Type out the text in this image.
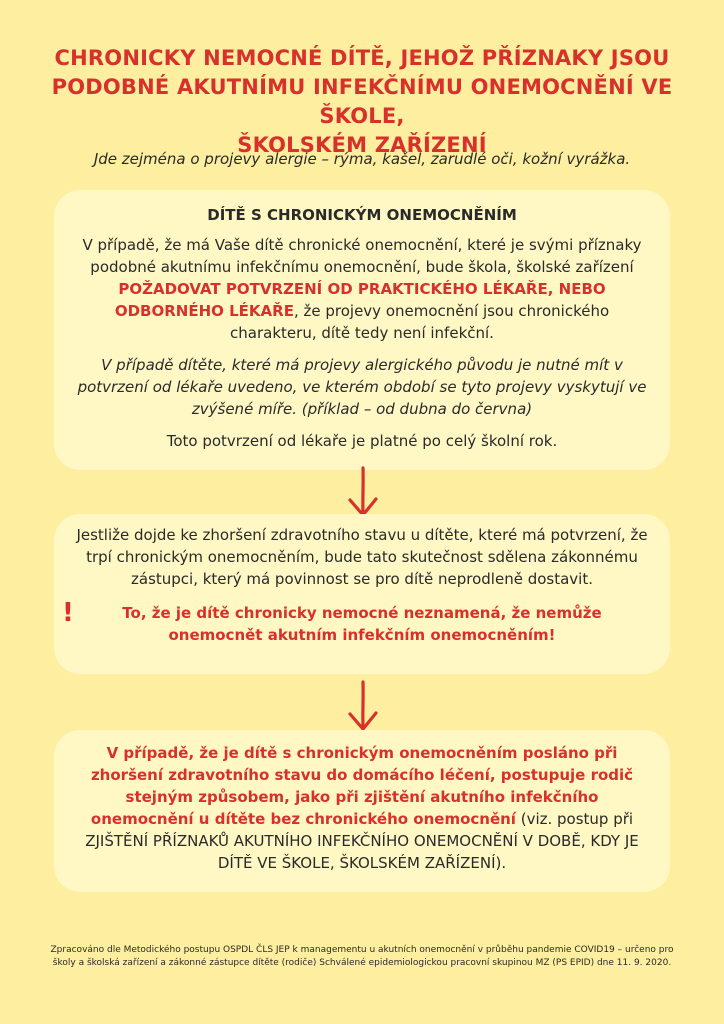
CHRONICKY NEMOCNÉ DÍTĚ, JEHOŽ PŘÍZNAKY JSOU
PODOBNÉ AKUTNÍMU INFEKČNÍMU ONEMOCNĚNÍ VE ŠKOLE,
ŠKOLSKÉM ZAŘÍZENÍ

Jde zejména o projevy alergie – rýma, kašel, zarudlé oči, kožní vyrážka.

DÍTĚ S CHRONICKÝM ONEMOCNĚNÍM

V případě, že má Vaše dítě chronické onemocnění, které je svými příznaky podobné akutnímu infekčnímu onemocnění, bude škola, školské zařízení POŽADOVAT POTVRZENÍ OD PRAKTICKÉHO LÉKAŘE, NEBO ODBORNÉHO LÉKAŘE, že projevy onemocnění jsou chronického charakteru, dítě tedy není infekční.

V případě dítěte, které má projevy alergického původu je nutné mít v potvrzení od lékaře uvedeno, ve kterém období se tyto projevy vyskytují ve zvýšené míře. (příklad – od dubna do června)

Toto potvrzení od lékaře je platné po celý školní rok.

Jestliže dojde ke zhoršení zdravotního stavu u dítěte, které má potvrzení, že trpí chronickým onemocněním, bude tato skutečnost sdělena zákonnému zástupci, který má povinnost se pro dítě neprodleně dostavit.

!	To, že je dítě chronicky nemocné neznamená, že nemůže onemocnět akutním infekčním onemocněním!

V případě, že je dítě s chronickým onemocněním posláno při zhoršení zdravotního stavu do domácího léčení, postupuje rodič stejným způsobem, jako při zjištění akutního infekčního onemocnění u dítěte bez chronického onemocnění (viz. postup při ZJIŠTĚNÍ PŘÍZNAKŮ AKUTNÍHO INFEKČNÍHO ONEMOCNĚNÍ V DOBĚ, KDY JE DÍTĚ VE ŠKOLE, ŠKOLSKÉM ZAŘÍZENÍ).

Zpracováno dle Metodického postupu OSPDL ČLS JEP k managementu u akutních onemocnění v průběhu pandemie COVID19 – určeno pro školy a školská zařízení a zákonné zástupce dítěte (rodiče) Schválené epidemiologickou pracovní skupinou MZ (PS EPID) dne 11. 9. 2020.
